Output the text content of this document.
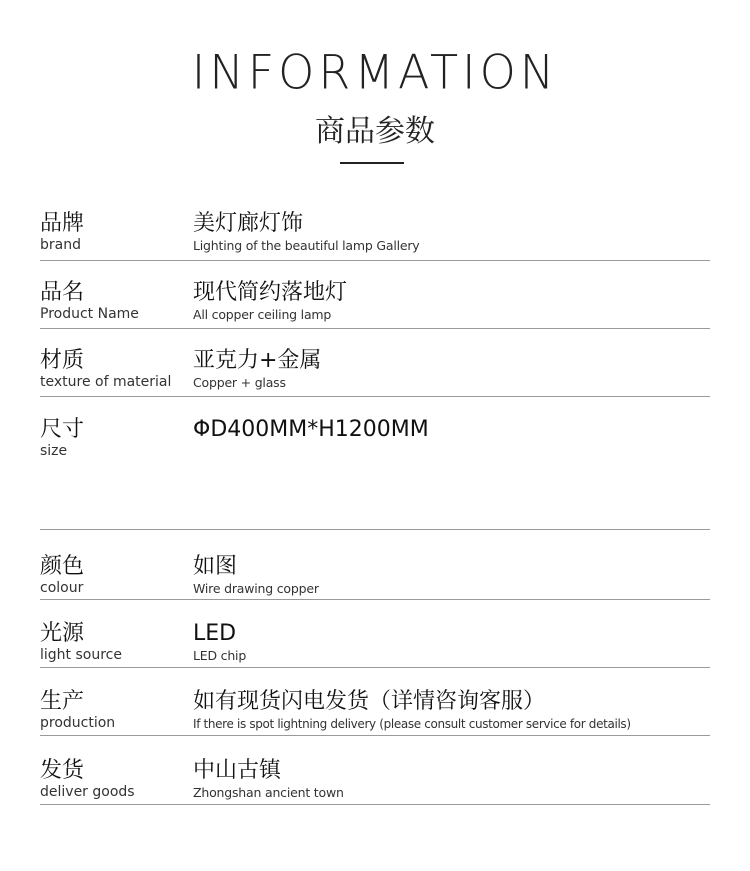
INFORMATION
商品参数
品牌
brand
美灯廊灯饰
Lighting of the beautiful lamp Gallery
品名
Product Name
现代简约落地灯
All copper ceiling lamp
材质
texture of material
亚克力+金属
Copper + glass
尺寸
size
ΦD400MM*H1200MM
颜色
colour
如图
Wire drawing copper
光源
light source
LED
LED chip
生产
production
如有现货闪电发货（详情咨询客服）
If there is spot lightning delivery (please consult customer service for details)
发货
deliver goods
中山古镇
Zhongshan ancient town
